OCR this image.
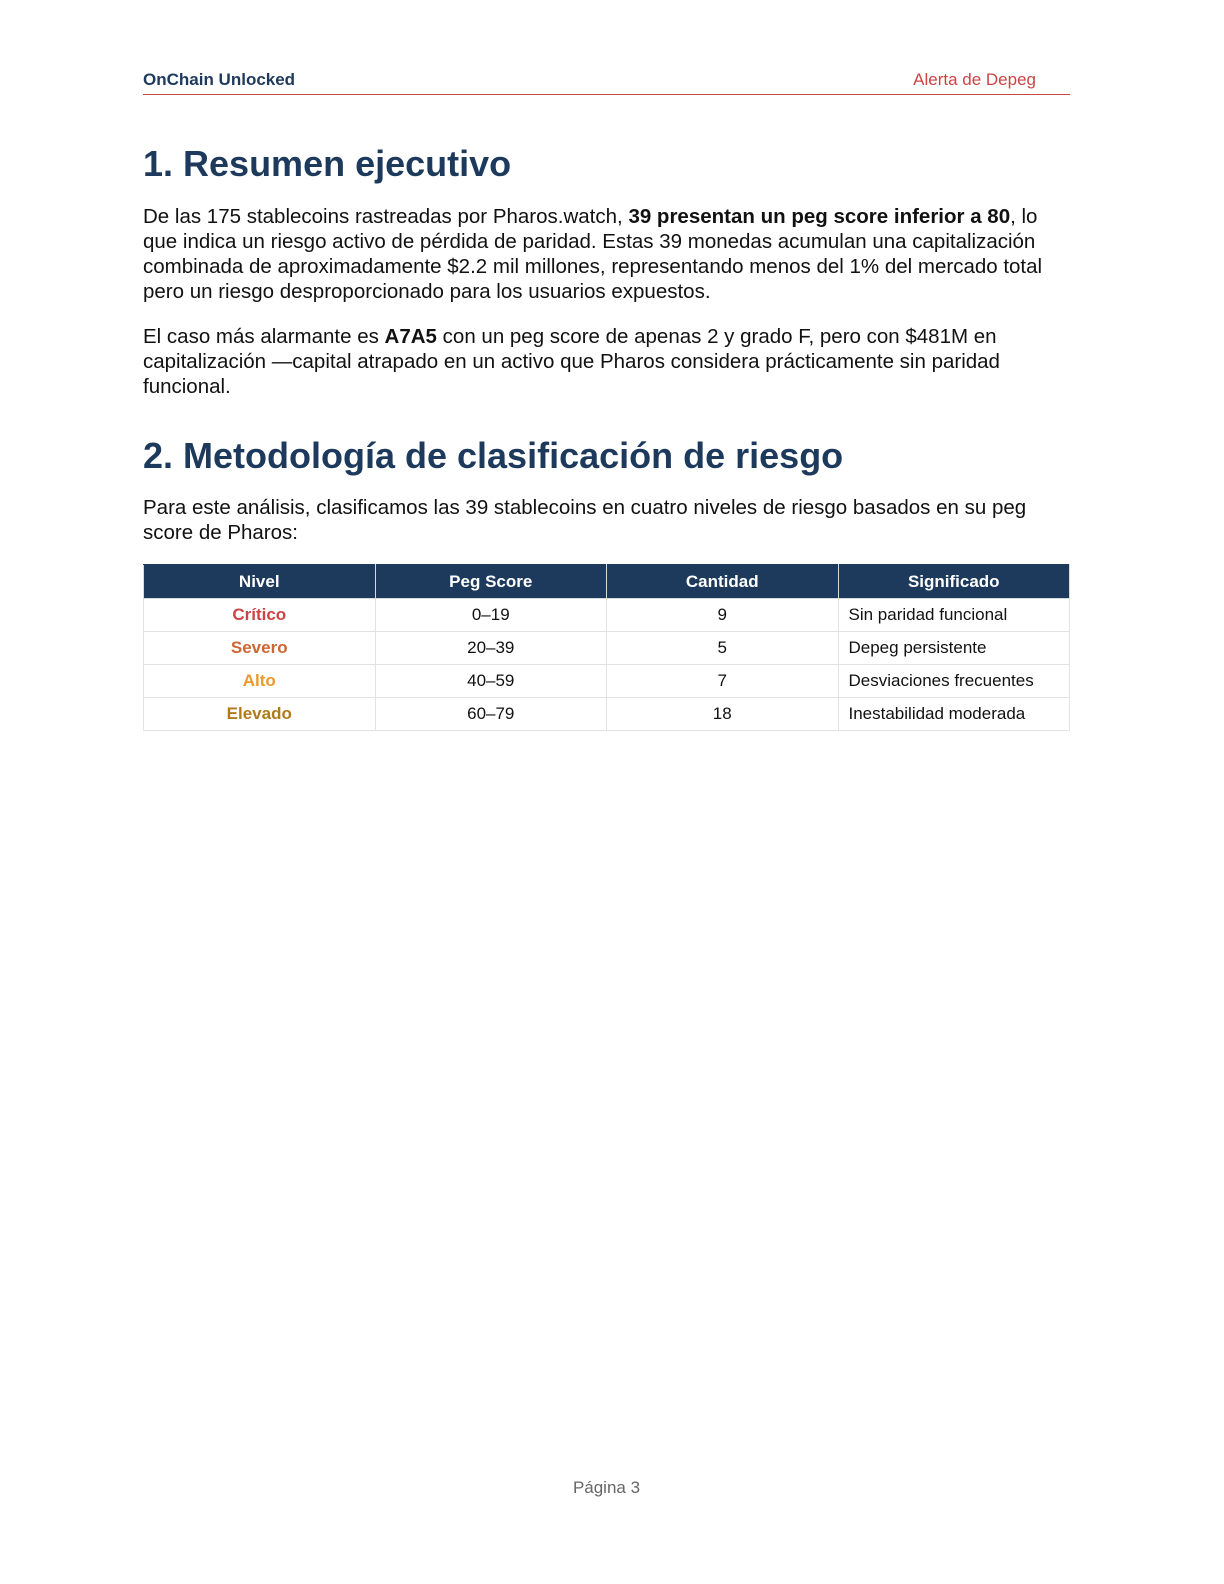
OnChain Unlocked	Alerta de Depeg
1. Resumen ejecutivo

De las 175 stablecoins rastreadas por Pharos.watch, 39 presentan un peg score inferior a 80, lo que indica un riesgo activo de pérdida de paridad. Estas 39 monedas acumulan una capitalización combinada de aproximadamente $2.2 mil millones, representando menos del 1% del mercado total pero un riesgo desproporcionado para los usuarios expuestos.

El caso más alarmante es A7A5 con un peg score de apenas 2 y grado F, pero con $481M en capitalización —capital atrapado en un activo que Pharos considera prácticamente sin paridad funcional.

2. Metodología de clasificación de riesgo

Para este análisis, clasificamos las 39 stablecoins en cuatro niveles de riesgo basados en su peg score de Pharos:

Nivel	Peg Score	Cantidad	Significado
Crítico	0–19	9	Sin paridad funcional
Severo	20–39	5	Depeg persistente
Alto	40–59	7	Desviaciones frecuentes
Elevado	60–79	18	Inestabilidad moderada
Página 3
